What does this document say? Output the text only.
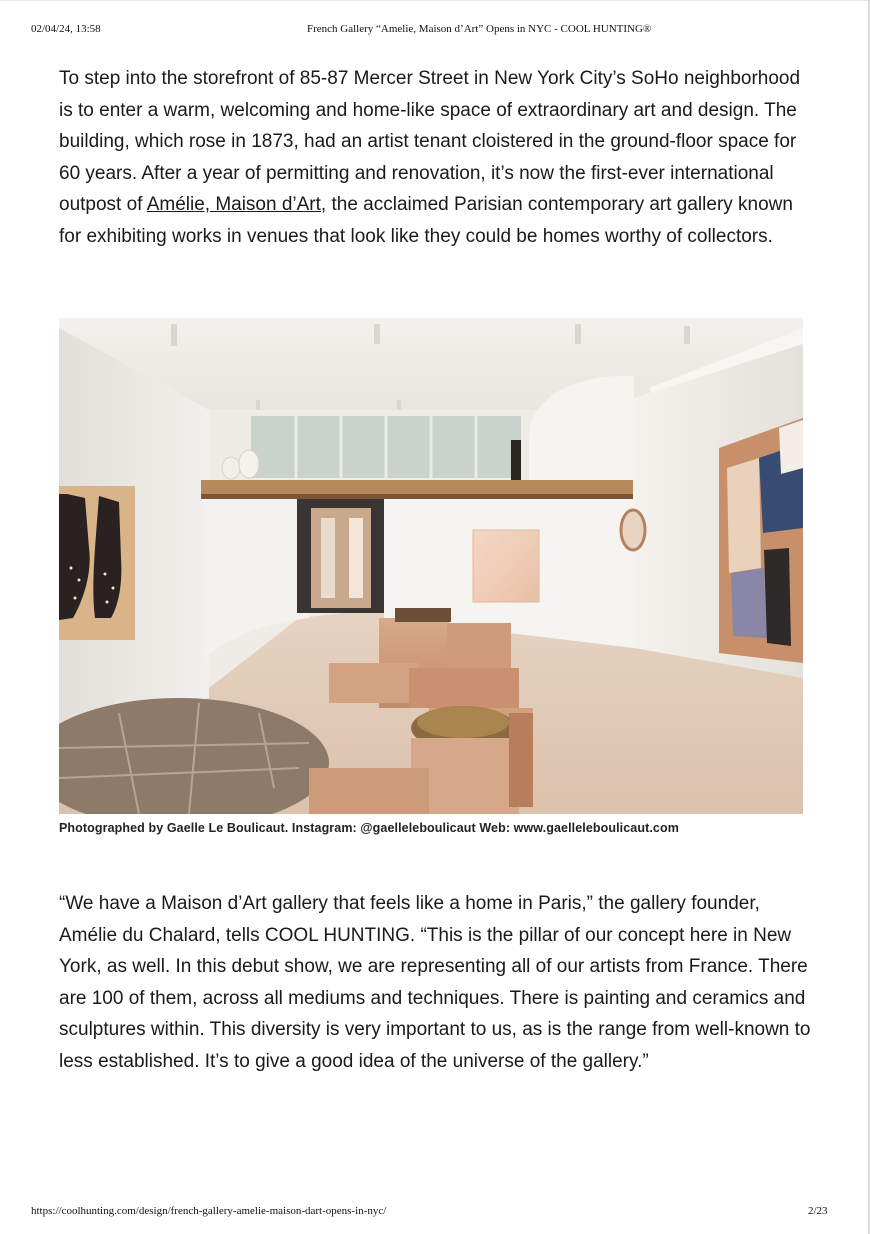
02/04/24, 13:58	French Gallery “Amelie, Maison d’Art” Opens in NYC - COOL HUNTING®

To step into the storefront of 85-87 Mercer Street in New York City’s SoHo neighborhood is to enter a warm, welcoming and home-like space of extraordinary art and design. The building, which rose in 1873, had an artist tenant cloistered in the ground-floor space for 60 years. After a year of permitting and renovation, it’s now the first-ever international outpost of Amélie, Maison d’Art, the acclaimed Parisian contemporary art gallery known for exhibiting works in venues that look like they could be homes worthy of collectors.

Photographed by Gaelle Le Boulicaut. Instagram: @gaelleleboulicaut Web: www.gaelleleboulicaut.com

“We have a Maison d’Art gallery that feels like a home in Paris,” the gallery founder, Amélie du Chalard, tells COOL HUNTING. “This is the pillar of our concept here in New York, as well. In this debut show, we are representing all of our artists from France. There are 100 of them, across all mediums and techniques. There is painting and ceramics and sculptures within. This diversity is very important to us, as is the range from well-known to less established. It’s to give a good idea of the universe of the gallery.”

https://coolhunting.com/design/french-gallery-amelie-maison-dart-opens-in-nyc/	2/23
